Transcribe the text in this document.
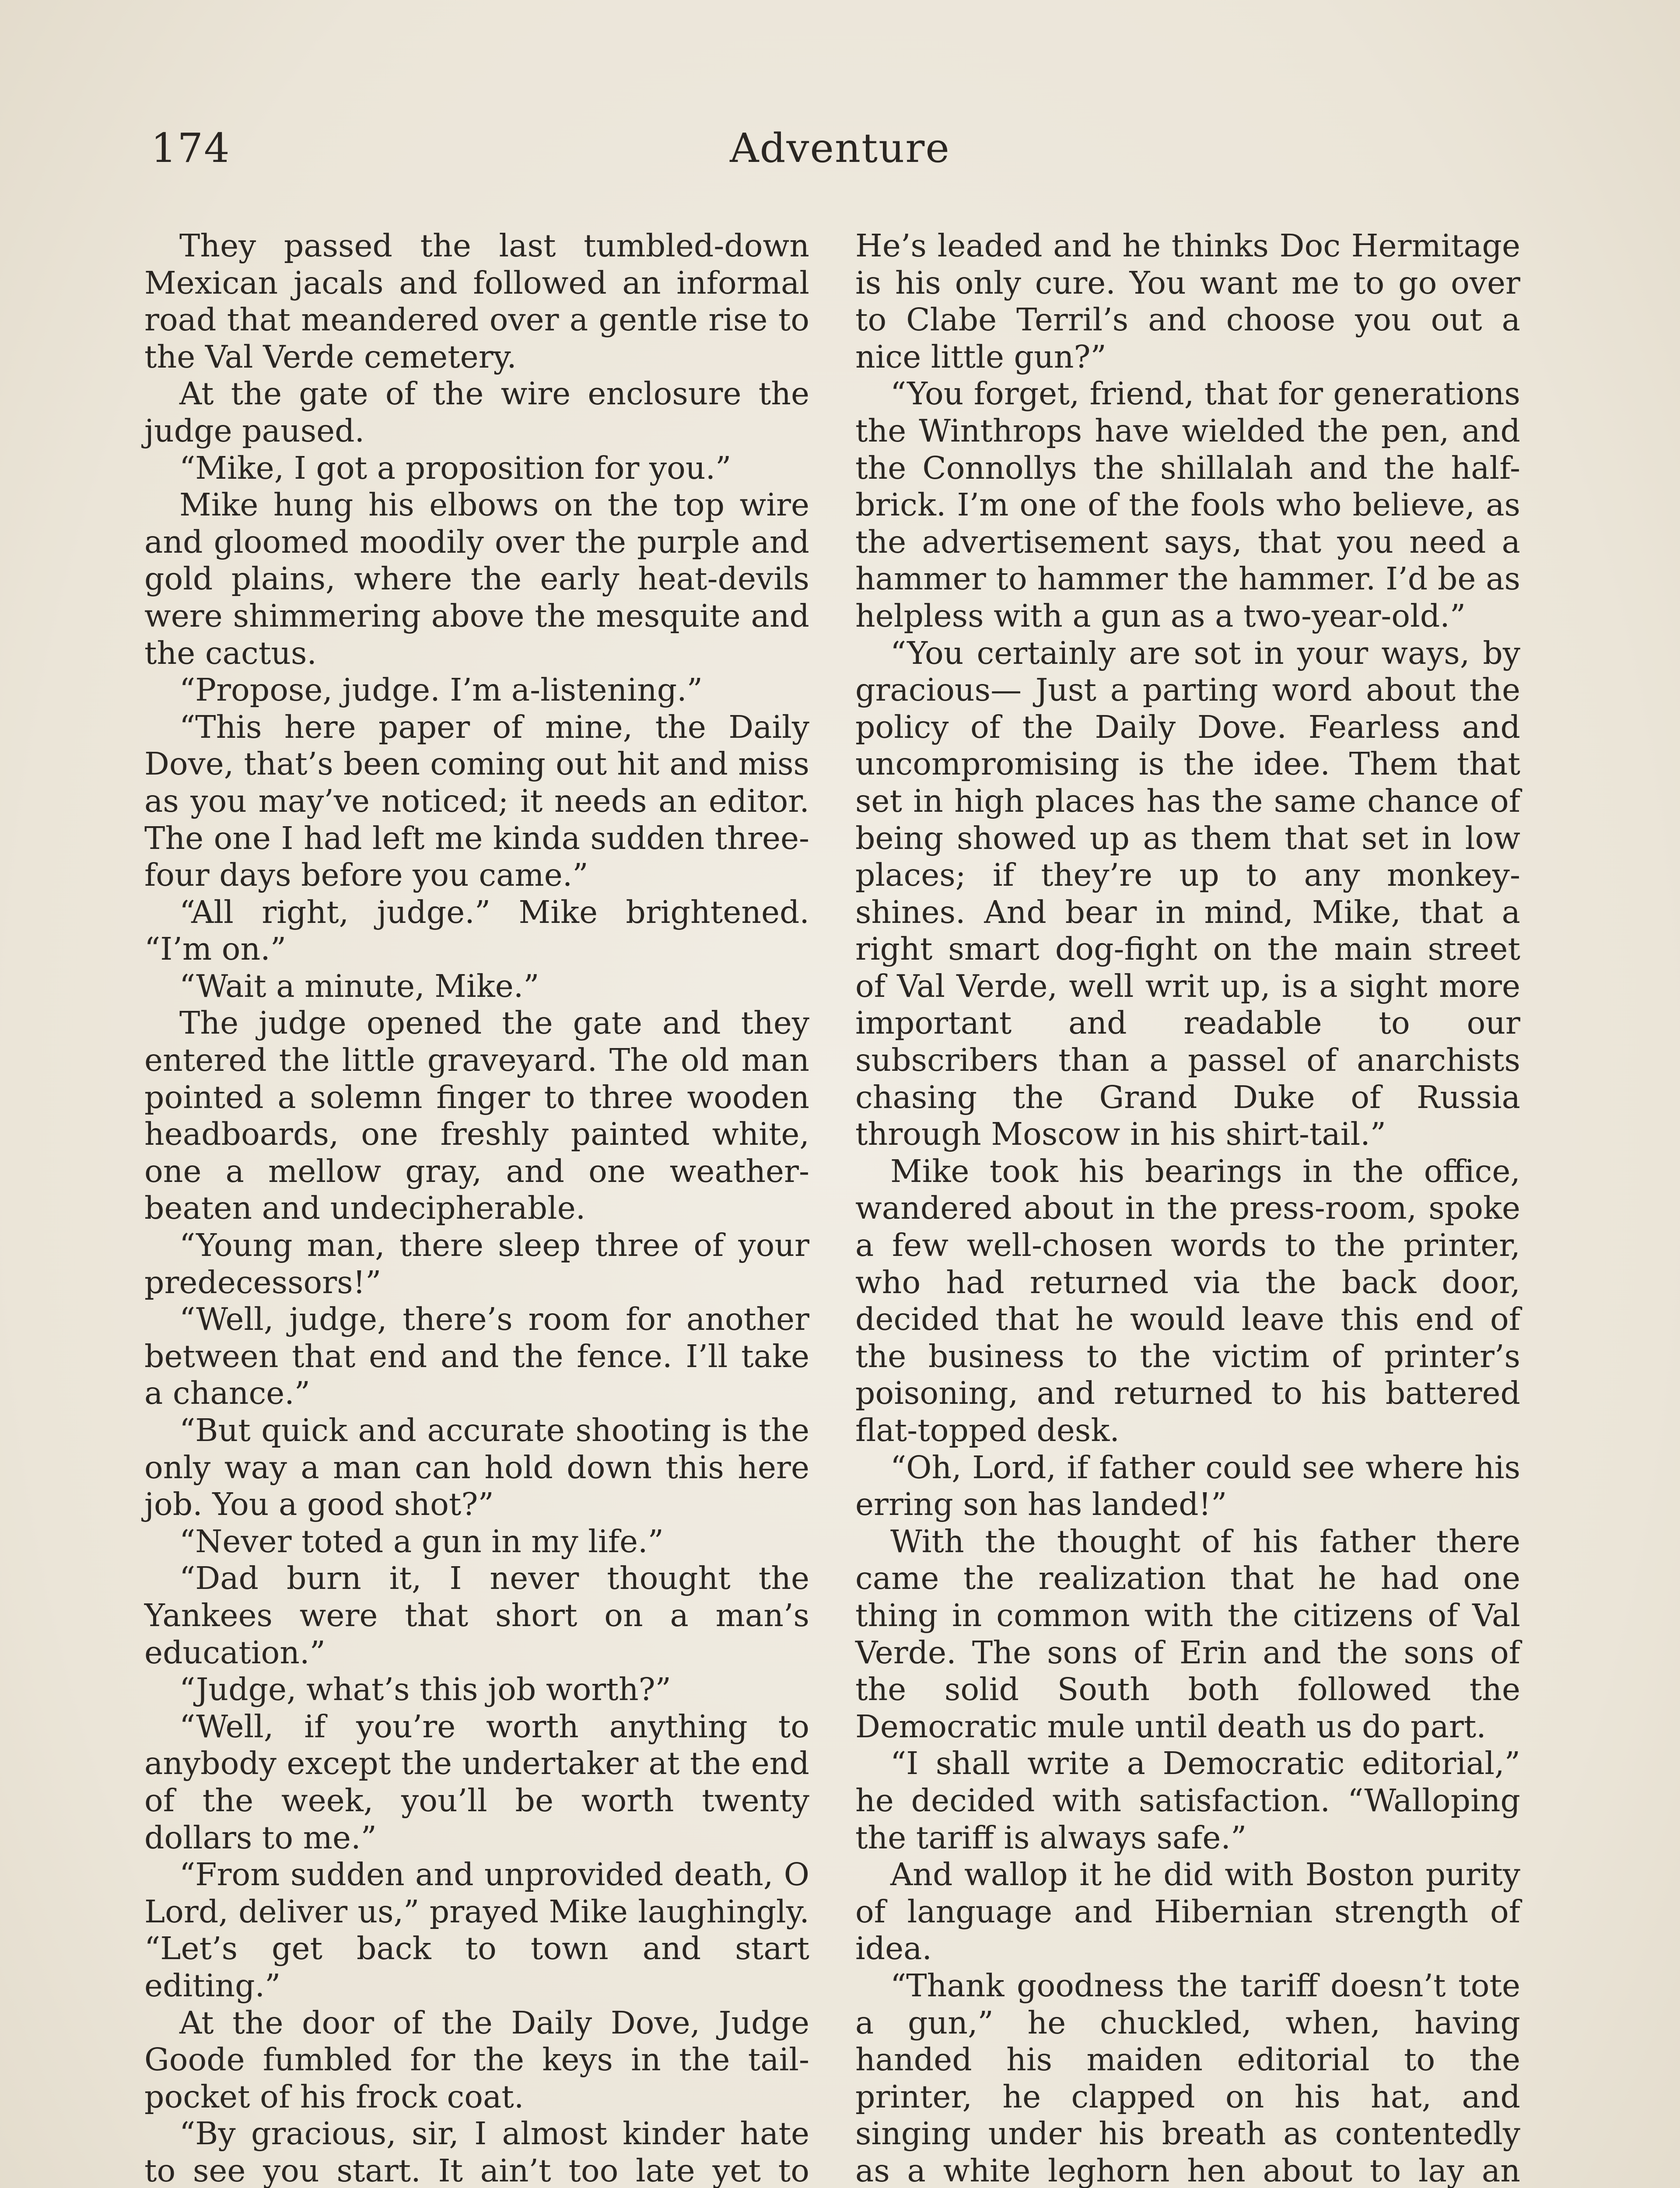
174	Adventure

They passed the last tumbled-down Mexican jacals and followed an informal road that meandered over a gentle rise to the Val Verde cemetery.

At the gate of the wire enclosure the judge paused.

“Mike, I got a proposition for you.”

Mike hung his elbows on the top wire and gloomed moodily over the purple and gold plains, where the early heat-devils were shimmering above the mesquite and the cactus.

“Propose, judge. I’m a-listening.”

“This here paper of mine, the Daily Dove, that’s been coming out hit and miss as you may’ve noticed; it needs an editor. The one I had left me kinda sudden three-four days before you came.”

“All right, judge.” Mike brightened. “I’m on.”

“Wait a minute, Mike.”

The judge opened the gate and they entered the little graveyard. The old man pointed a solemn finger to three wooden headboards, one freshly painted white, one a mellow gray, and one weather-beaten and undecipherable.

“Young man, there sleep three of your predecessors!”

“Well, judge, there’s room for another between that end and the fence. I’ll take a chance.”

“But quick and accurate shooting is the only way a man can hold down this here job. You a good shot?”

“Never toted a gun in my life.”

“Dad burn it, I never thought the Yankees were that short on a man’s education.”

“Judge, what’s this job worth?”

“Well, if you’re worth anything to anybody except the undertaker at the end of the week, you’ll be worth twenty dollars to me.”

“From sudden and unprovided death, O Lord, deliver us,” prayed Mike laughingly. “Let’s get back to town and start editing.”

At the door of the Daily Dove, Judge Goode fumbled for the keys in the tail-pocket of his frock coat.

“By gracious, sir, I almost kinder hate to see you start. It ain’t too late yet to

He’s leaded and he thinks Doc Hermitage is his only cure. You want me to go over to Clabe Terril’s and choose you out a nice little gun?”

“You forget, friend, that for generations the Winthrops have wielded the pen, and the Connollys the shillalah and the half-brick. I’m one of the fools who believe, as the advertisement says, that you need a hammer to hammer the hammer. I’d be as helpless with a gun as a two-year-old.”

“You certainly are sot in your ways, by gracious— Just a parting word about the policy of the Daily Dove. Fearless and uncompromising is the idee. Them that set in high places has the same chance of being showed up as them that set in low places; if they’re up to any monkey-shines. And bear in mind, Mike, that a right smart dog-fight on the main street of Val Verde, well writ up, is a sight more important and readable to our subscribers than a passel of anarchists chasing the Grand Duke of Russia through Moscow in his shirt-tail.”

Mike took his bearings in the office, wandered about in the press-room, spoke a few well-chosen words to the printer, who had returned via the back door, decided that he would leave this end of the business to the victim of printer’s poisoning, and returned to his battered flat-topped desk.

“Oh, Lord, if father could see where his erring son has landed!”

With the thought of his father there came the realization that he had one thing in common with the citizens of Val Verde. The sons of Erin and the sons of the solid South both followed the Democratic mule until death us do part.

“I shall write a Democratic editorial,” he decided with satisfaction. “Walloping the tariff is always safe.”

And wallop it he did with Boston purity of language and Hibernian strength of idea.

“Thank goodness the tariff doesn’t tote a gun,” he chuckled, when, having handed his maiden editorial to the printer, he clapped on his hat, and singing under his breath as contentedly as a white leghorn hen about to lay an
